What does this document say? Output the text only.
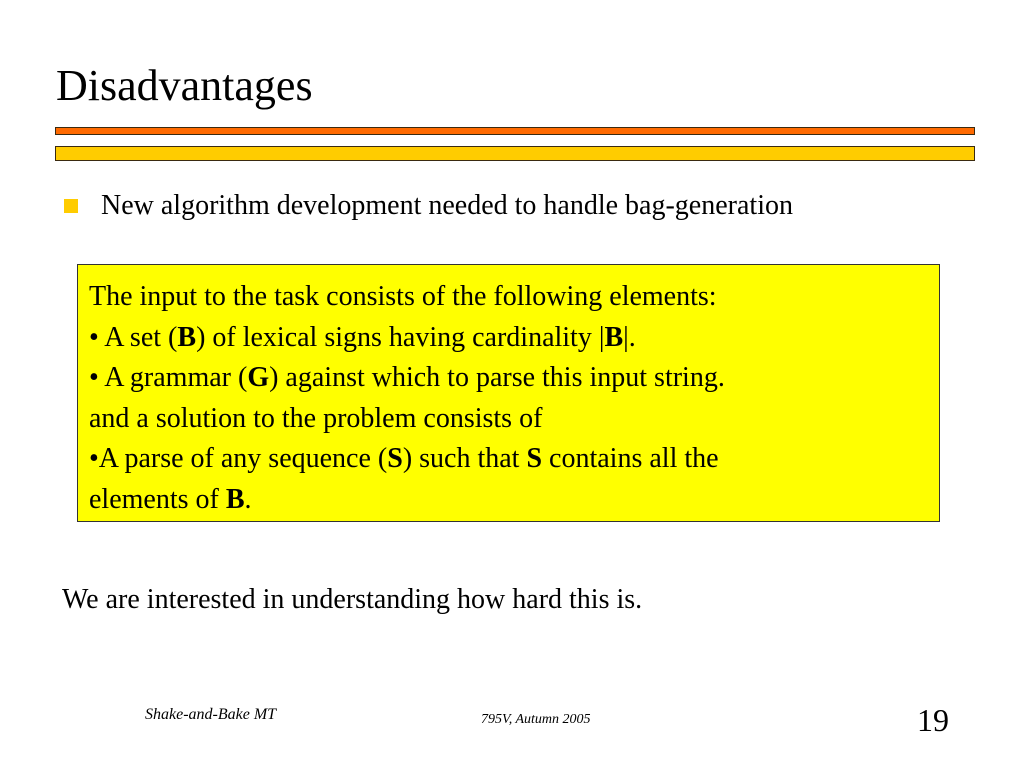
Disadvantages
New algorithm development needed to handle bag-generation
The input to the task consists of the following elements:
• A set (B) of lexical signs having cardinality |B|.
• A grammar (G) against which to parse this input string.
and a solution to the problem consists of
•A parse of any sequence (S) such that S contains all the
elements of B.
We are interested in understanding how hard this is.
Shake-and-Bake MT	795V, Autumn 2005	19
